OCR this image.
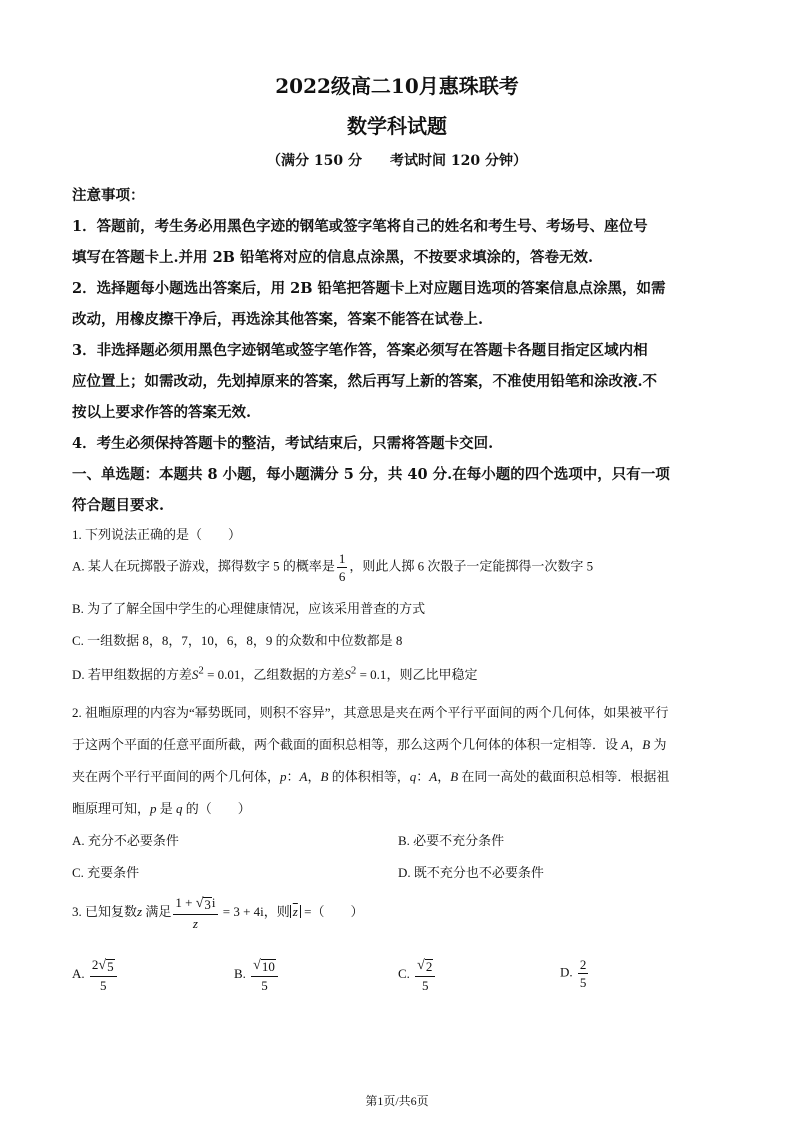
2022级高二10月惠珠联考
数学科试题
（满分 150 分 考试时间 120 分钟）
注意事项：
1．答题前，考生务必用黑色字迹的钢笔或签字笔将自己的姓名和考生号、考场号、座位号
填写在答题卡上.并用 2B 铅笔将对应的信息点涂黑，不按要求填涂的，答卷无效.
2．选择题每小题选出答案后，用 2B 铅笔把答题卡上对应题目选项的答案信息点涂黑，如需
改动，用橡皮擦干净后，再选涂其他答案，答案不能答在试卷上.
3．非选择题必须用黑色字迹钢笔或签字笔作答，答案必须写在答题卡各题目指定区域内相
应位置上；如需改动，先划掉原来的答案，然后再写上新的答案，不准使用铅笔和涂改液.不
按以上要求作答的答案无效.
4．考生必须保持答题卡的整洁，考试结束后，只需将答题卡交回.
一、单选题：本题共 8 小题，每小题满分 5 分，共 40 分.在每小题的四个选项中，只有一项
符合题目要求.
1. 下列说法正确的是（　　）
A. 某人在玩掷骰子游戏，掷得数字 5 的概率是 $\frac{1}{6}$ ，则此人掷 6 次骰子一定能掷得一次数字 5
B. 为了了解全国中学生的心理健康情况，应该采用普查的方式
C. 一组数据 8，8，7，10，6，8，9 的众数和中位数都是 8
D. 若甲组数据的方差$S^2 = 0.01$，乙组数据的方差$S^2 = 0.1$，则乙比甲稳定
2. 祖暅原理的内容为“幂势既同，则积不容异”，其意思是夹在两个平行平面间的两个几何体，如果被平行
于这两个平面的任意平面所截，两个截面的面积总相等，那么这两个几何体的体积一定相等．设 A，B 为
夹在两个平行平面间的两个几何体，p：A，B 的体积相等，q：A，B 在同一高处的截面积总相等．根据祖
暅原理可知，p 是 q 的（　　）
A. 充分不必要条件	B. 必要不充分条件
C. 充要条件	D. 既不充分也不必要条件
3. 已知复数z 满足 $\frac{1 + √ 3 i}{z} = 3 + 4i$，则 $\overline{z}$ =（　　）
A. $\frac{2 √ 5}{5}$	B. $\frac{√ 10}{5}$	C. $\frac{√ 2}{5}$	D. $\frac{2}{5}$
第1页/共6页
